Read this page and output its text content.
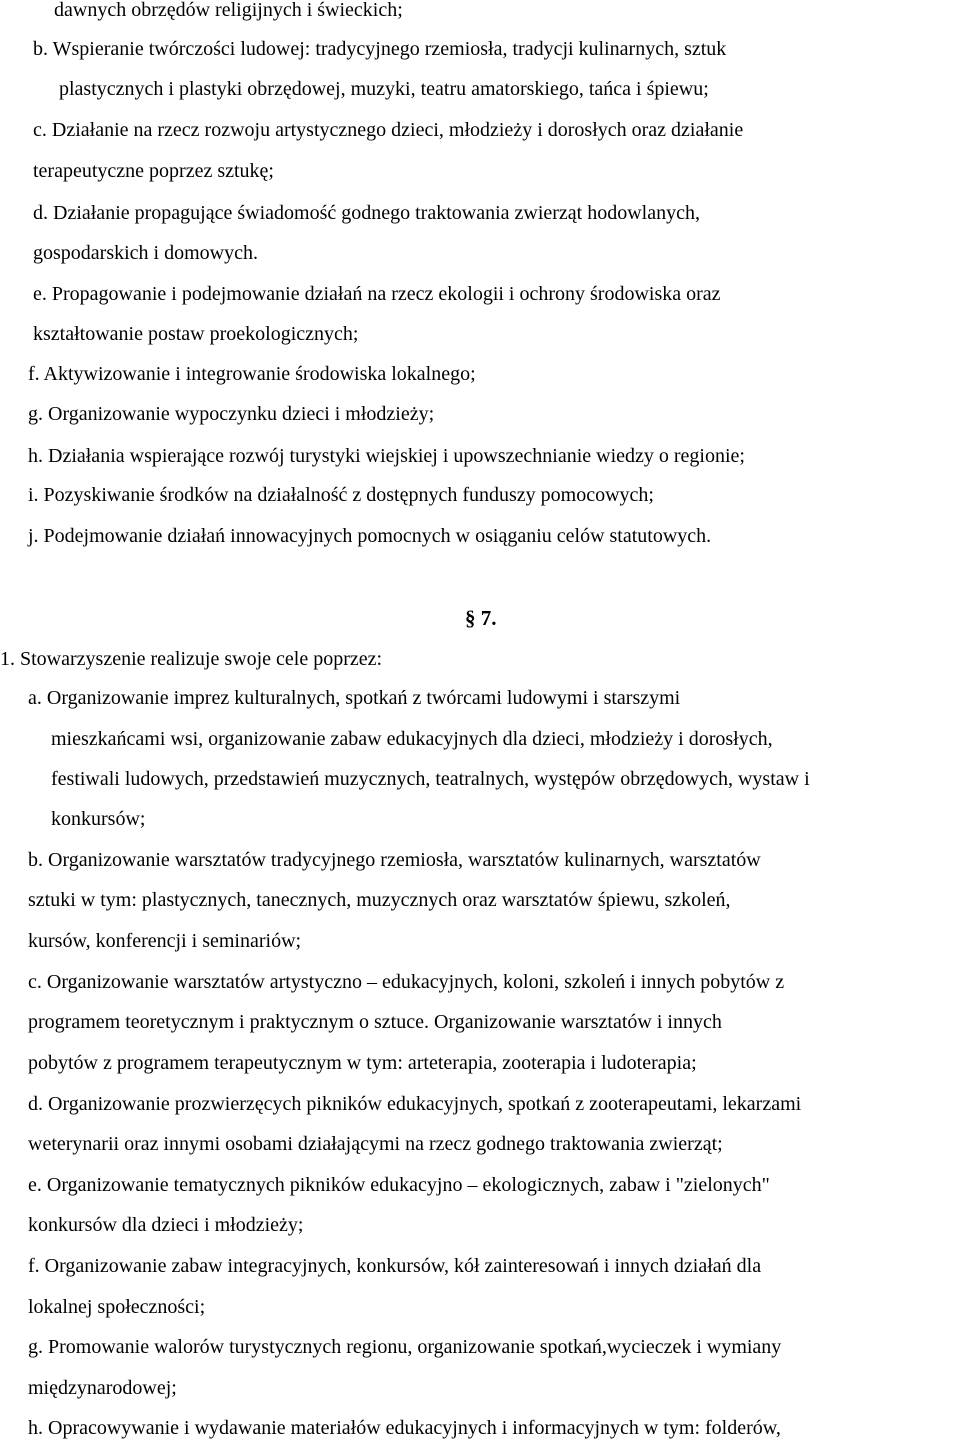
dawnych obrzędów religijnych i świeckich;

b. Wspieranie twórczości ludowej: tradycyjnego rzemiosła, tradycji kulinarnych, sztuk

plastycznych i plastyki obrzędowej, muzyki, teatru amatorskiego, tańca i śpiewu;

c. Działanie na rzecz rozwoju artystycznego dzieci, młodzieży i dorosłych oraz działanie

terapeutyczne poprzez sztukę;

d. Działanie propagujące świadomość godnego traktowania zwierząt hodowlanych,

gospodarskich i domowych.

e. Propagowanie i podejmowanie działań na rzecz ekologii i ochrony środowiska oraz

kształtowanie postaw proekologicznych;

f. Aktywizowanie i integrowanie środowiska lokalnego;

g. Organizowanie wypoczynku dzieci i młodzieży;

h. Działania wspierające rozwój turystyki wiejskiej i upowszechnianie wiedzy o regionie;

i. Pozyskiwanie środków na działalność z dostępnych funduszy pomocowych;

j. Podejmowanie działań innowacyjnych pomocnych w osiąganiu celów statutowych.

§ 7.

1. Stowarzyszenie realizuje swoje cele poprzez:

a. Organizowanie imprez kulturalnych, spotkań z twórcami ludowymi i starszymi

mieszkańcami wsi, organizowanie zabaw edukacyjnych dla dzieci, młodzieży i dorosłych,

festiwali ludowych, przedstawień muzycznych, teatralnych, występów obrzędowych, wystaw i

konkursów;

b. Organizowanie warsztatów tradycyjnego rzemiosła, warsztatów kulinarnych, warsztatów

sztuki w tym: plastycznych, tanecznych, muzycznych oraz warsztatów śpiewu, szkoleń,

kursów, konferencji i seminariów;

c. Organizowanie warsztatów artystyczno – edukacyjnych, koloni, szkoleń i innych pobytów z

programem teoretycznym i praktycznym o sztuce. Organizowanie warsztatów i innych

pobytów z programem terapeutycznym w tym: arteterapia, zooterapia i ludoterapia;

d. Organizowanie prozwierzęcych pikników edukacyjnych, spotkań z zooterapeutami, lekarzami

weterynarii oraz innymi osobami działającymi na rzecz godnego traktowania zwierząt;

e. Organizowanie tematycznych pikników edukacyjno – ekologicznych, zabaw i "zielonych"

konkursów dla dzieci i młodzieży;

f. Organizowanie zabaw integracyjnych, konkursów, kół zainteresowań i innych działań dla

lokalnej społeczności;

g. Promowanie walorów turystycznych regionu, organizowanie spotkań,wycieczek i wymiany

międzynarodowej;

h. Opracowywanie i wydawanie materiałów edukacyjnych i informacyjnych w tym: folderów,
